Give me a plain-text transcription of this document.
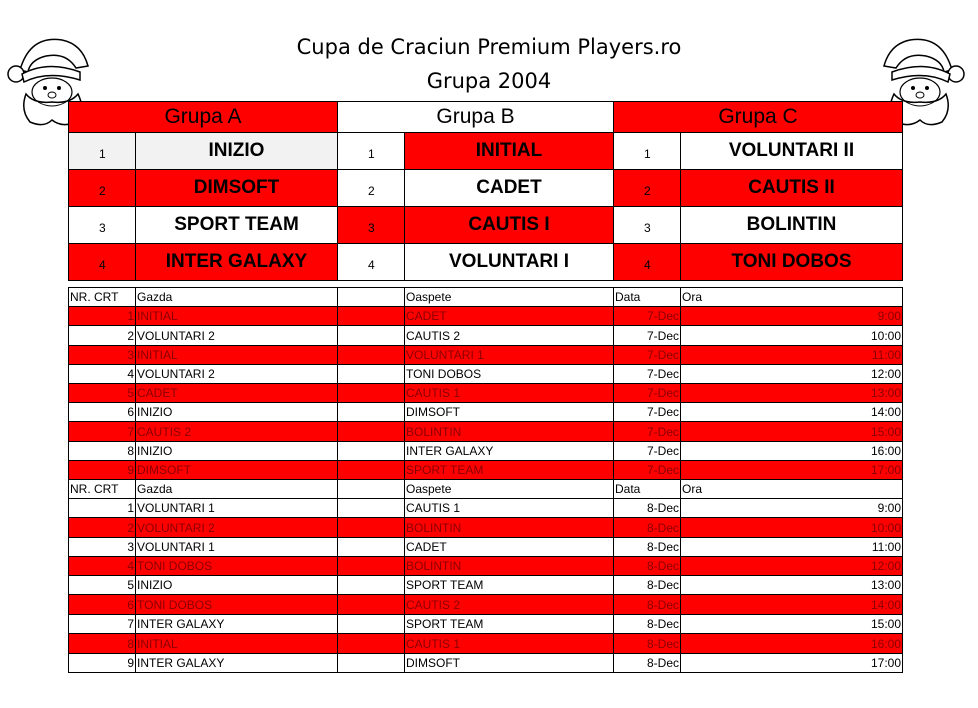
Cupa de Craciun Premium Players.ro
Grupa 2004
Grupa A		Grupa B		Grupa C	
1	INIZIO	1	INITIAL	1	VOLUNTARI II
2	DIMSOFT	2	CADET	2	CAUTIS II
3	SPORT TEAM	3	CAUTIS I	3	BOLINTIN
4	INTER GALAXY	4	VOLUNTARI I	4	TONI DOBOS
NR. CRT	Gazda		Oaspete	Data	Ora
1	INITIAL		CADET	7-Dec	9:00
2	VOLUNTARI 2		CAUTIS 2	7-Dec	10:00
3	INITIAL		VOLUNTARI 1	7-Dec	11:00
4	VOLUNTARI 2		TONI DOBOS	7-Dec	12:00
5	CADET		CAUTIS 1	7-Dec	13:00
6	INIZIO		DIMSOFT	7-Dec	14:00
7	CAUTIS 2		BOLINTIN	7-Dec	15:00
8	INIZIO		INTER GALAXY	7-Dec	16:00
9	DIMSOFT		SPORT TEAM	7-Dec	17:00
NR. CRT	Gazda		Oaspete	Data	Ora
1	VOLUNTARI 1		CAUTIS 1	8-Dec	9:00
2	VOLUNTARI 2		BOLINTIN	8-Dec	10:00
3	VOLUNTARI 1		CADET	8-Dec	11:00
4	TONI DOBOS		BOLINTIN	8-Dec	12:00
5	INIZIO		SPORT TEAM	8-Dec	13:00
6	TONI DOBOS		CAUTIS 2	8-Dec	14:00
7	INTER GALAXY		SPORT TEAM	8-Dec	15:00
8	INITIAL		CAUTIS 1	8-Dec	16:00
9	INTER GALAXY		DIMSOFT	8-Dec	17:00
